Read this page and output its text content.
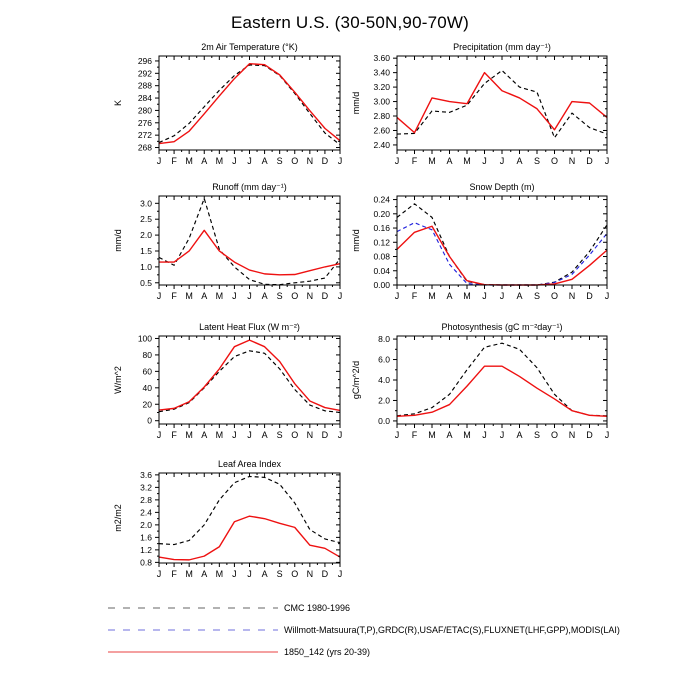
Eastern U.S. (30-50N,90-70W)
J F M A M J J A S O N D J
268
272
276
280
284
288
292
296
2m Air Temperature (°K)
K
J F M A M J J A S O N D J
2.40
2.60
2.80
3.00
3.20
3.40
3.60
Precipitation (mm day⁻¹)
mm/d
J F M A M J J A S O N D J
0.5
1.0
1.5
2.0
2.5
3.0
Runoff (mm day⁻¹)
mm/d
J F M A M J J A S O N D J
0.00
0.04
0.08
0.12
0.16
0.20
0.24
Snow Depth (m)
mm/d
J F M A M J J A S O N D J
0
20
40
60
80
100
Latent Heat Flux (W m⁻²)
W/m^2
J F M A M J J A S O N D J
0.0
2.0
4.0
6.0
8.0
Photosynthesis (gC m⁻²day⁻¹)
gC/m^2/d
J F M A M J J A S O N D J
0.8
1.2
1.6
2.0
2.4
2.8
3.2
3.6
Leaf Area Index
m2/m2
CMC 1980-1996
Willmott-Matsuura(T,P),GRDC(R),USAF/ETAC(S),FLUXNET(LHF,GPP),MODIS(LAI)
1850_142 (yrs 20-39)
